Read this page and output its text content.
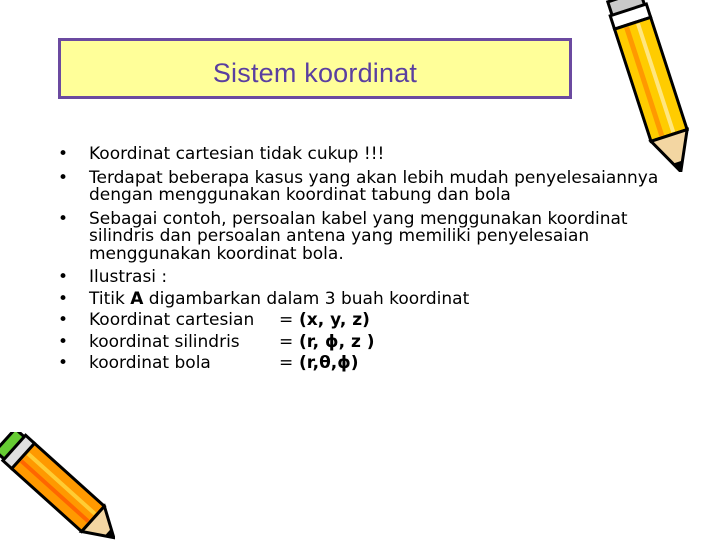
Sistem koordinat
•	Koordinat cartesian tidak cukup !!!
•	Terdapat beberapa kasus yang akan lebih mudah penyelesaiannya dengan menggunakan koordinat tabung dan bola
•	Sebagai contoh, persoalan kabel yang menggunakan koordinat silindris dan persoalan antena yang memiliki penyelesaian menggunakan koordinat bola.
•	Ilustrasi :
•	Titik A digambarkan dalam 3 buah koordinat
•	Koordinat cartesian = (x, y, z)
•	koordinat silindris = (r, ϕ, z )
•	koordinat bola	= (r,θ,ϕ)
